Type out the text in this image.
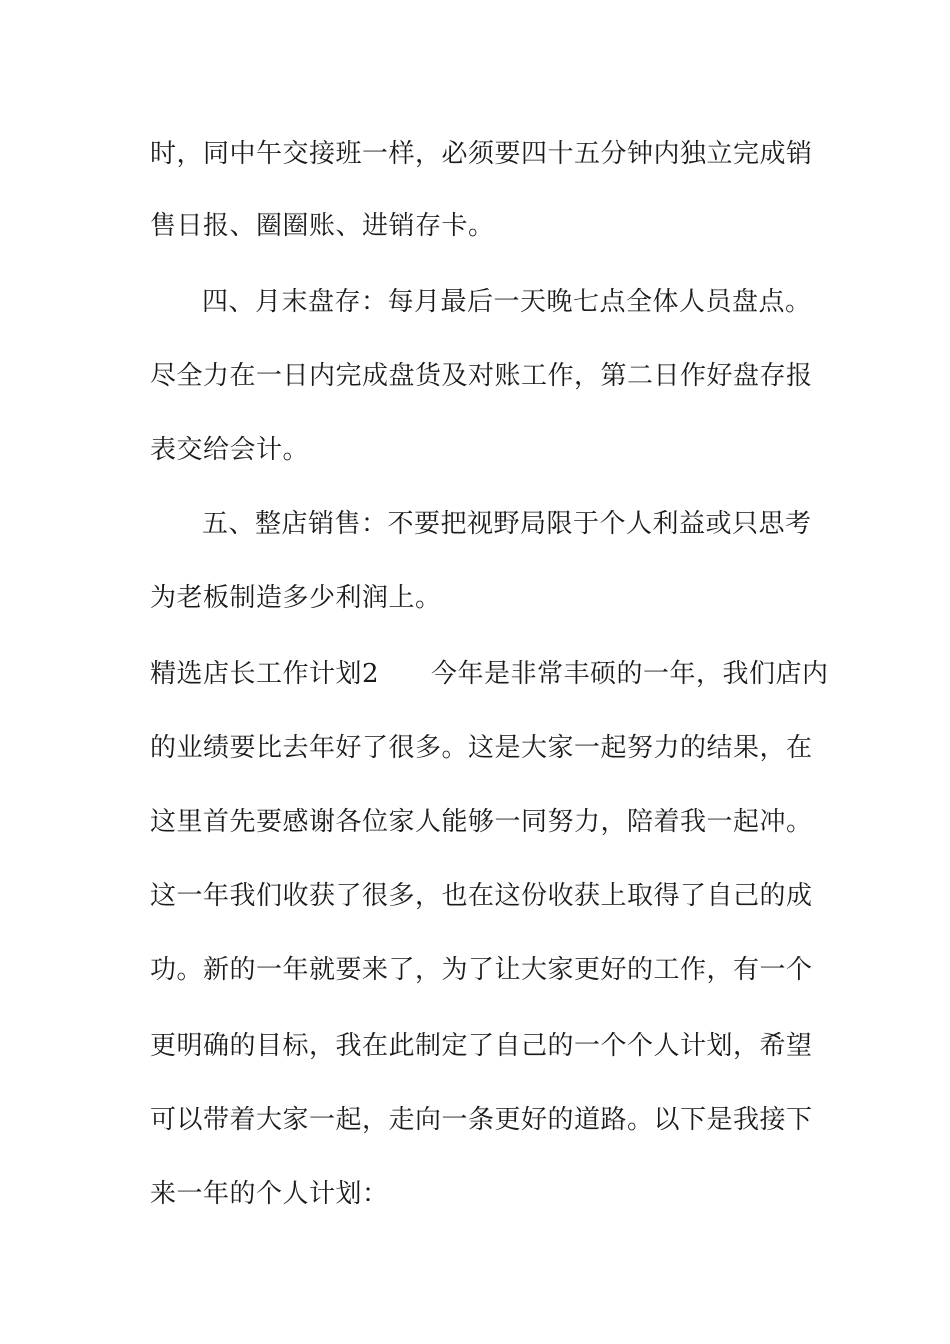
时，同中午交接班一样，必须要四十五分钟内独立完成销

售日报、圈圈账、进销存卡。

四、月末盘存：每月最后一天晚七点全体人员盘点。

尽全力在一日内完成盘货及对账工作，第二日作好盘存报

表交给会计。

五、整店销售：不要把视野局限于个人利益或只思考

为老板制造多少利润上。

精选店长工作计划2 今年是非常丰硕的一年，我们店内

的业绩要比去年好了很多。这是大家一起努力的结果，在

这里首先要感谢各位家人能够一同努力，陪着我一起冲。

这一年我们收获了很多，也在这份收获上取得了自己的成

功。新的一年就要来了，为了让大家更好的工作，有一个

更明确的目标，我在此制定了自己的一个个人计划，希望

可以带着大家一起，走向一条更好的道路。以下是我接下

来一年的个人计划：
